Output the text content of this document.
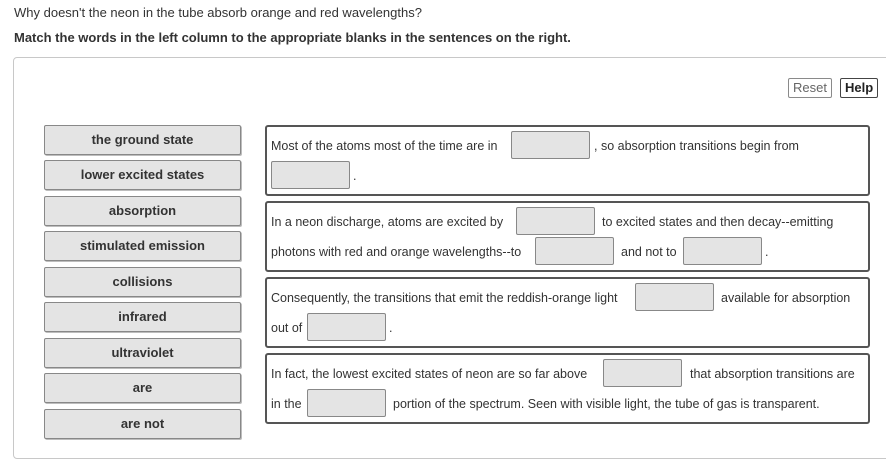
Why doesn't the neon in the tube absorb orange and red wavelengths?
Match the words in the left column to the appropriate blanks in the sentences on the right.
Reset	Help
the ground state
lower excited states
absorption
stimulated emission
collisions
infrared
ultraviolet
are
are not
Most of the atoms most of the time are in	, so absorption transitions begin from
.
In a neon discharge, atoms are excited by	to excited states and then decay--emitting
photons with red and orange wavelengths--to	and not to	.
Consequently, the transitions that emit the reddish-orange light	available for absorption
out of	.
In fact, the lowest excited states of neon are so far above	that absorption transitions are
in the	portion of the spectrum. Seen with visible light, the tube of gas is transparent.
